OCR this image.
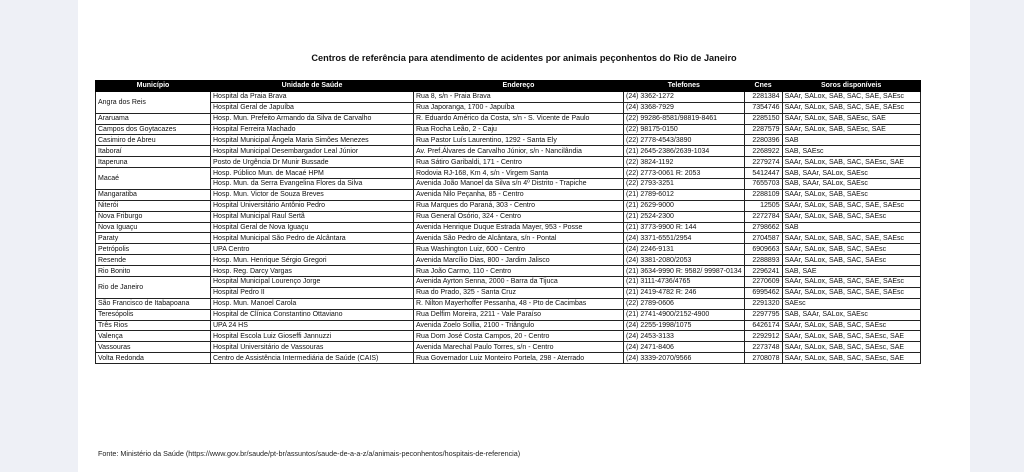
Centros de referência para atendimento de acidentes por animais peçonhentos do Rio de Janeiro
Município	Unidade de Saúde	Endereço	Telefones	Cnes	Soros disponíveis
Angra dos Reis	Hospital da Praia Brava	Rua 8, s/n - Praia Brava	(24) 3362-1272	2281384	SAAr, SALox, SAB, SAC, SAE, SAEsc
	Hospital Geral de Japuíba	Rua Japoranga, 1700 - Japuíba	(24) 3368-7929	7354746	SAAr, SALox, SAB, SAC, SAE, SAEsc
Araruama	Hosp. Mun. Prefeito Armando da Silva de Carvalho	R. Eduardo Américo da Costa, s/n - S. Vicente de Paulo	(22) 99286-8581/98819-8461	2285150	SAAr, SALox, SAB, SAEsc, SAE
Campos dos Goytacazes	Hospital Ferreira Machado	Rua Rocha Leão, 2 - Caju	(22) 98175-0150	2287579	SAAr, SALox, SAB, SAEsc, SAE
Casimiro de Abreu	Hospital Municipal Ângela Maria Simões Menezes	Rua Pastor Luís Laurentino, 1292 - Santa Ely	(22) 2778-4543/3890	2280396	SAB
Itaboraí	Hospital Municipal Desembargador Leal Júnior	Av. Pref.Álvares de Carvalho Júnior, s/n - Nancilândia	(21) 2645-2386/2639-1034	2268922	SAB, SAEsc
Itaperuna	Posto de Urgência Dr Munir Bussade	Rua Sátiro Garibaldi, 171 - Centro	(22) 3824-1192	2279274	SAAr, SALox, SAB, SAC, SAEsc, SAE
Macaé	Hosp. Público Mun. de Macaé HPM	Rodovia RJ-168, Km 4, s/n - Virgem Santa	(22) 2773-0061 R: 2053	5412447	SAB, SAAr, SALox, SAEsc
	Hosp. Mun. da Serra Evangelina Flores da Silva	Avenida João Manoel da Silva s/n 4º Distrito - Trapiche	(22) 2793-3251	7655703	SAB, SAAr, SALox, SAEsc
Mangaratiba	Hosp. Mun. Victor de Souza Breves	Avenida Nilo Peçanha, 85 - Centro	(21) 2789-6012	2288109	SAAr, SALox, SAB, SAEsc
Niterói	Hospital Universitário Antônio Pedro	Rua Marques do Paraná, 303 - Centro	(21) 2629-9000	12505	SAAr, SALox, SAB, SAC, SAE, SAEsc
Nova Friburgo	Hospital Municipal Raul Sertã	Rua General Osório, 324 - Centro	(21) 2524-2300	2272784	SAAr, SALox, SAB, SAC, SAEsc
Nova Iguaçu	Hospital Geral de Nova Iguaçu	Avenida Henrique Duque Estrada Mayer, 953 - Posse	(21) 3773-9900 R: 144	2798662	SAB
Paraty	Hospital Municipal São Pedro de Alcântara	Avenida São Pedro de Alcântara, s/n - Pontal	(24) 3371-6551/2954	2704587	SAAr, SALox, SAB, SAC, SAE, SAEsc
Petrópolis	UPA Centro	Rua Washington Luiz, 600 - Centro	(24) 2246-9131	6909663	SAAr, SALox, SAB, SAC, SAEsc
Resende	Hosp. Mun. Henrique Sérgio Gregori	Avenida Marcílio Dias, 800 - Jardim Jalisco	(24) 3381-2080/2053	2288893	SAAr, SALox, SAB, SAC, SAEsc
Rio Bonito	Hosp. Reg. Darcy Vargas	Rua João Carmo, 110 - Centro	(21) 3634-9990 R: 9582/ 99987-0134	2296241	SAB, SAE
Rio de Janeiro	Hospital Municipal Lourenço Jorge	Avenida Ayrton Senna, 2000 - Barra da Tijuca	(21) 3111-4736/4765	2270609	SAAr, SALox, SAB, SAC, SAE, SAEsc
	Hospital Pedro II	Rua do Prado, 325 - Santa Cruz	(21) 2419-4782 R: 246	6995462	SAAr, SALox, SAB, SAC, SAE, SAEsc
São Francisco de Itabapoana	Hosp. Mun. Manoel Carola	R. Nilton Mayerhoffer Pessanha, 48 - Pto de Cacimbas	(22) 2789-0606	2291320	SAEsc
Teresópolis	Hospital de Clínica Constantino Ottaviano	Rua Delfim Moreira, 2211 - Vale Paraíso	(21) 2741-4900/2152-4900	2297795	SAB, SAAr, SALox, SAEsc
Três Rios	UPA 24 HS	Avenida Zoelo Sollia, 2100 - Triângulo	(24) 2255-1998/1075	6426174	SAAr, SALox, SAB, SAC, SAEsc
Valença	Hospital Escola Luiz Gioseffi Jannuzzi	Rua Dom José Costa Campos, 20 - Centro	(24) 2453-3133	2292912	SAAr, SALox, SAB, SAC, SAEsc, SAE
Vassouras	Hospital Universitário de Vassouras	Avenida Marechal Paulo Torres, s/n - Centro	(24) 2471-8406	2273748	SAAr, SALox, SAB, SAC, SAEsc, SAE
Volta Redonda	Centro de Assistência Intermediária de Saúde (CAIS)	Rua Governador Luiz Monteiro Portela, 298 - Aterrado	(24) 3339-2070/9566	2708078	SAAr, SALox, SAB, SAC, SAEsc, SAE
Fonte: Ministério da Saúde (https://www.gov.br/saude/pt-br/assuntos/saude-de-a-a-z/a/animais-peconhentos/hospitais-de-referencia)
